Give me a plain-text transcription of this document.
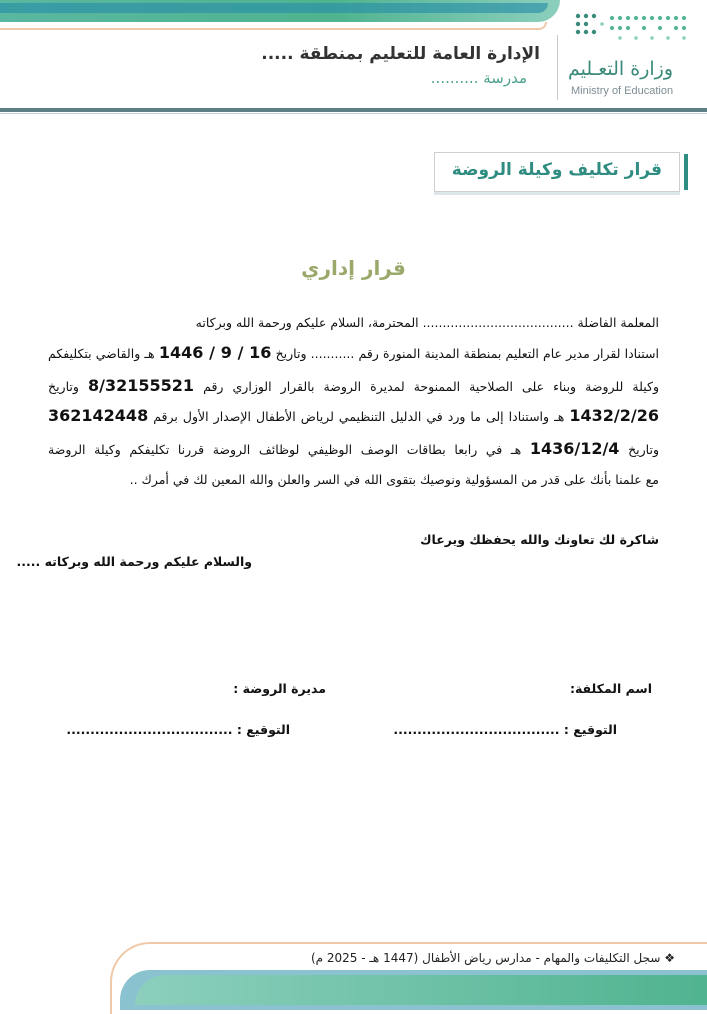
وزارة التعـليم
Ministry of Education
الإدارة العامة للتعليم بمنطقة .....
مدرسة ..........
قرار تكليف وكيلة الروضة
قرار إداري
المعلمة الفاضلة ...................................... المحترمة، السلام عليكم ورحمة الله وبركاته
استنادا لقرار مدير عام التعليم بمنطقة المدينة المنورة رقم ........... وتاريخ 16 / 9 / 1446 هـ والقاضي بتكليفكم
وكيلة للروضة وبناء على الصلاحية الممنوحة لمديرة الروضة بالقرار الوزاري رقم 8/32155521 وتاريخ
1432/2/26 هـ واستنادا إلى ما ورد في الدليل التنظيمي لرياض الأطفال الإصدار الأول برقم 362142448
وتاريخ 1436/12/4 هـ في رابعا بطاقات الوصف الوظيفي لوظائف الروضة قررنا تكليفكم وكيلة الروضة
مع علمنا بأنك على قدر من المسؤولية ونوصيك بتقوى الله في السر والعلن والله المعين لك في أمرك ..
شاكرة لك تعاونك والله يحفظك ويرعاك
والسلام عليكم ورحمة الله وبركاته .....
اسم المكلفة:
مديرة الروضة :
التوقيع : ...................................
التوقيع : ...................................
❖ سجل التكليفات والمهام - مدارس رياض الأطفال (1447 هـ - 2025 م)
